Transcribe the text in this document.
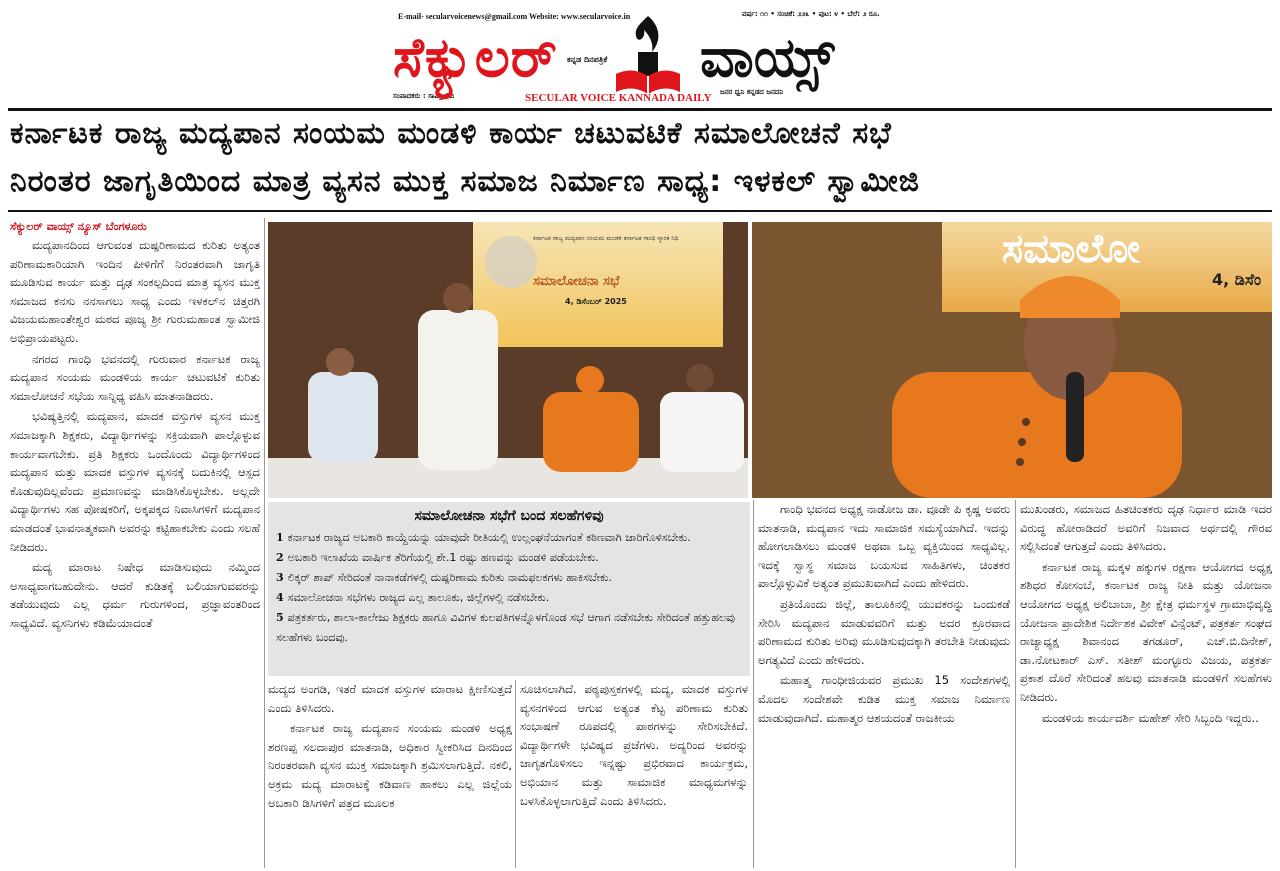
E-mail- secularvoicenews@gmail.com Website: www.secularvoice.in	ವರ್ಷ: ೧೧ • ಸಂಚಿಕೆ: ೨೨೩ • ಪುಟ: ೪ • ಬೆಲೆ: ೨ ರೂ.
ಸಂಪಾದಕರು : ಸಾವಿತ್ರಿದೇವಿ
ಸೆಕ್ಯುಲರ್ ಕನ್ನಡ ದಿನಪತ್ರಿಕೆ ವಾಯ್ಸ್
SECULAR VOICE KANNADA DAILY ಜನರ ಧ್ವನಿ ಕನ್ನಡದ ಜನದನಿ
ಕರ್ನಾಟಕ ರಾಜ್ಯ ಮದ್ಯಪಾನ ಸಂಯಮ ಮಂಡಳಿ ಕಾರ್ಯ ಚಟುವಟಿಕೆ ಸಮಾಲೋಚನೆ ಸಭೆ
ನಿರಂತರ ಜಾಗೃತಿಯಿಂದ ಮಾತ್ರ ವ್ಯಸನ ಮುಕ್ತ ಸಮಾಜ ನಿರ್ಮಾಣ ಸಾಧ್ಯ: ಇಳಕಲ್ ಸ್ವಾಮೀಜಿ
ಸೆಕ್ಯುಲರ್ ವಾಯ್ಸ್ ನ್ಯೂಸ್ ಬೆಂಗಳೂರು

ಮದ್ಯಪಾನದಿಂದ ಆಗುವಂತ ದುಷ್ಪರಿಣಾಮದ ಕುರಿತು ಅತ್ಯಂತ ಪರಿಣಾಮಕಾರಿಯಾಗಿ ಇಂದಿನ ಪೀಳಿಗೆಗೆ ನಿರಂತರವಾಗಿ ಜಾಗೃತಿ ಮೂಡಿಸುವ ಕಾರ್ಯ ಮತ್ತು ದೃಢ ಸಂಕಲ್ಪದಿಂದ ಮಾತ್ರ ವ್ಯಸನ ಮುಕ್ತ ಸಮಾಜದ ಕನಸು ನನಸಾಗಲು ಸಾಧ್ಯ ಎಂದು ಇಳಕಲ್‌ನ ಚಿತ್ತರಗಿ ವಿಜಯಮಹಾಂತೇಶ್ವರ ಮಠದ ಪೂಜ್ಯ ಶ್ರೀ ಗುರುಮಹಾಂತ ಸ್ವಾಮೀಜಿ ಅಭಿಪ್ರಾಯಪಟ್ಟರು.

ನಗರದ ಗಾಂಧಿ ಭವನದಲ್ಲಿ ಗುರುವಾರ ಕರ್ನಾಟಕ ರಾಜ್ಯ ಮದ್ಯಪಾನ ಸಂಯಮ ಮಂಡಳಿಯ ಕಾರ್ಯ ಚಟುವಟಿಕೆ ಕುರಿತು ಸಮಾಲೋಚನೆ ಸಭೆಯ ಸಾನ್ನಿಧ್ಯ ವಹಿಸಿ ಮಾತನಾಡಿದರು.

ಭವಿಷ್ಯತ್ತಿನಲ್ಲಿ ಮದ್ಯಪಾನ, ಮಾದಕ ವಸ್ತುಗಳ ವ್ಯಸನ ಮುಕ್ತ ಸಮಾಜಕ್ಕಾಗಿ ಶಿಕ್ಷಕರು, ವಿದ್ಯಾರ್ಥಿಗಳನ್ನು ಸಕ್ರಿಯವಾಗಿ ಪಾಲ್ಗೊಳ್ಳುವ ಕಾರ್ಯವಾಗಬೇಕು. ಪ್ರತಿ ಶಿಕ್ಷಕರು ಒಂದೊಂದು ವಿದ್ಯಾರ್ಥಿಗಳಿಂದ ಮದ್ಯಪಾನ ಮತ್ತು ಮಾದಕ ವಸ್ತುಗಳ ವ್ಯಸನಕ್ಕೆ ಬದುಕಿನಲ್ಲಿ ಆಸ್ಪದ ಕೊಡುವುದಿಲ್ಲವೆಂದು ಪ್ರಮಾಣವನ್ನು ಮಾಡಿಸಿಕೊಳ್ಳಬೇಕು. ಅಲ್ಲದೇ ವಿದ್ಯಾರ್ಥಿಗಳು ಸಹ ಪೋಷಕರಿಗೆ, ಅಕ್ಕಪಕ್ಕದ ನಿವಾಸಿಗಳಿಗೆ ಮದ್ಯಪಾನ ಮಾಡದಂತೆ ಭಾವನಾತ್ಮಕವಾಗಿ ಅವರನ್ನು ಕಟ್ಟಿಹಾಕಬೇಕು ಎಂದು ಸಲಹೆ ನೀಡಿದರು.

ಮದ್ಯ ಮಾರಾಟ ನಿಷೇಧ ಮಾಡಿಸುವುದು ನಮ್ಮಿಂದ ಅಸಾಧ್ಯವಾಗಬಹುದೇನು. ಆದರೆ ಕುಡಿತಕ್ಕೆ ಬಲಿಯಾಗುವವರನ್ನು ತಡೆಯುವುದು ಎಲ್ಲ ಧರ್ಮ ಗುರುಗಳಿಂದ, ಪ್ರಜ್ಞಾವಂತರಿಂದ ಸಾಧ್ಯವಿದೆ. ವ್ಯಸನಿಗಳು ಕಡಿಮೆಯಾದಂತೆ

ಕರ್ನಾಟಕ ರಾಜ್ಯ ಮದ್ಯಪಾನ ಸಂಯಮ ಮಂಡಳಿ ಕರ್ನಾಟಕ ಗಾಂಧಿ ಸ್ಮಾರಕ ನಿಧಿ
ಸಮಾಲೋಚನಾ ಸಭೆ
4, ಡಿಸೆಂಬರ್ 2025
ಸಮಾಲೋ
4, ಡಿಸೆಂ
ಸಮಾಲೋಚನಾ ಸಭೆಗೆ ಬಂದ ಸಲಹೆಗಳಿವು
1 ಕರ್ನಾಟಕ ರಾಜ್ಯದ ಅಬಕಾರಿ ಕಾಯ್ದೆಯನ್ನು ಯಾವುದೇ ರೀತಿಯಲ್ಲಿ ಉಲ್ಲಂಘನೆಯಾಗಂತೆ ಕಠಿಣವಾಗಿ ಜಾರಿಗೊಳಿಸಬೇಕು.
2 ಅಬಕಾರಿ ಇಲಾಖೆಯ ವಾರ್ಷಿಕ ತೆರಿಗೆಯಲ್ಲಿ ಶೇ.1 ರಷ್ಟು ಹಣವನ್ನು ಮಂಡಳಿ ಪಡೆಯಬೇಕು.
3 ಲಿಕ್ಕರ್ ಶಾಪ್ ಸೇರಿದಂತೆ ನಾನಾಕಡೆಗಳಲ್ಲಿ ದುಷ್ಪರಿಣಾಮ ಕುರಿತು ನಾಮಫಲಕಗಳು ಹಾಕಿಸಬೇಕು.
4 ಸಮಾಲೋಚನಾ ಸಭೆಗಳು ರಾಜ್ಯದ ಎಲ್ಲ ತಾಲೂಕು, ಜಿಲ್ಲೆಗಳಲ್ಲಿ ನಡೆಸಬೇಕು.
5 ಪತ್ರಕರ್ತರು, ಶಾಲಾ-ಕಾಲೇಜು ಶಿಕ್ಷಕರು ಹಾಗೂ ವಿವಿಗಳ ಕುಲಪತಿಗಳನ್ನೊಳಗೊಂಡ ಸಭೆ ಆಗಾಗ ನಡೆಸಬೇಕು ಸೇರಿದಂತೆ ಹತ್ತುಹಲವು ಸಲಹೆಗಳು ಬಂದವು.

ಮದ್ಯದ ಅಂಗಡಿ, ಇತರೆ ಮಾದಕ ವಸ್ತುಗಳ ಮಾರಾಟ ಕ್ಷೀಣಿಸುತ್ತದೆ ಎಂದು ತಿಳಿಸಿದರು.

ಕರ್ನಾಟಕ ರಾಜ್ಯ ಮದ್ಯಪಾನ ಸಂಯಮ ಮಂಡಳಿ ಅಧ್ಯಕ್ಷ ಶರಣಪ್ಪ ಸಲದಾಪುರ ಮಾತನಾಡಿ, ಅಧಿಕಾರ ಸ್ವೀಕರಿಸಿದ ದಿನದಿಂದ ನಿರಂತರವಾಗಿ ವ್ಯಸನ ಮುಕ್ತ ಸಮಾಜಕ್ಕಾಗಿ ಶ್ರಮಿಸಲಾಗುತ್ತಿದೆ. ನಕಲಿ, ಅಕ್ರಮ ಮದ್ಯ ಮಾರಾಟಕ್ಕೆ ಕಡಿವಾಣ ಹಾಕಲು ಎಲ್ಲ ಜಿಲ್ಲೆಯ ಅಬಕಾರಿ ಡಿಸಿಗಳಿಗೆ ಪತ್ರದ ಮೂಲಕ

ಸೂಚಿಸಲಾಗಿದೆ. ಪಠ್ಯಪುಸ್ತಕಗಳಲ್ಲಿ ಮದ್ಯ, ಮಾದಕ ವಸ್ತುಗಳ ವ್ಯಸನಗಳಿಂದ ಆಗುವ ಅತ್ಯಂತ ಕೆಟ್ಟ ಪರಿಣಾಮ ಕುರಿತು ಸಂಭಾಷಣೆ ರೂಪದಲ್ಲಿ ಪಾಠಗಳನ್ನು ಸೇರಿಸಬೇಕಿದೆ. ವಿದ್ಯಾರ್ಥಿಗಳೇ ಭವಿಷ್ಯದ ಪ್ರಜೆಗಳು. ಅದ್ಯರಿಂದ ಅವರನ್ನು ಜಾಗೃತಗೊಳಿಸಲು ಇನ್ನಷ್ಟು ಪ್ರಭಿರವಾದ ಕಾರ್ಯಕ್ರಮ, ಅಭಿಯಾನ ಮತ್ತು ಸಾಮಾಜಿಕ ಮಾಧ್ಯಮಗಳನ್ನು ಬಳಸಿಕೊಳ್ಳಲಾಗುತ್ತಿದೆ ಎಂದು ತಿಳಿಸಿದರು.

ಗಾಂಧಿ ಭವನದ ಅಧ್ಯಕ್ಷ ನಾಡೋಜ ಡಾ. ವೂಡೇ ಪಿ ಕೃಷ್ಣ ಅವರು ಮಾತನಾಡಿ, ಮದ್ಯಪಾನ ಇದು ಸಾಮಾಜಿಕ ಸಮಸ್ಯೆಯಾಗಿದೆ. ಇದನ್ನು ಹೋಗಲಾಡಿಸಲು ಮಂಡಳಿ ಅಥವಾ ಒಬ್ಬ ವ್ಯಕ್ತಿಯಿಂದ ಸಾಧ್ಯವಿಲ್ಲ. ಇದಕ್ಕೆ ಸ್ವಾಸ್ಥ ಸಮಾಜ ಬಯಸುವ ಸಾಹಿತಿಗಳು, ಚಿಂತಕರ ಪಾಲ್ಗೊಳ್ಳುವಿಕೆ ಅತ್ಯಂತ ಪ್ರಮುಖವಾಗಿದೆ ಎಂದು ಹೇಳಿದರು.

ಪ್ರತಿಯೊಂದು ಜಿಲ್ಲೆ, ತಾಲೂಕಿನಲ್ಲಿ ಯುವಕರನ್ನು ಒಂದುಕಡೆ ಸೇರಿಸಿ ಮದ್ಯಪಾನ ಮಾಡುವವರಿಗೆ ಮತ್ತು ಅದರ ಕ್ರೂರವಾದ ಪರಿಣಾಮದ ಕುರಿತು ಅರಿವು ಮೂಡಿಸುವುದಕ್ಕಾಗಿ ತರಬೇತಿ ನೀಡುವುದು ಅಗತ್ಯವಿದೆ ಎಂದು ಹೇಳಿದರು.

ಮಹಾತ್ಮ ಗಾಂಧೀಜಿಯವರ ಪ್ರಮುಖ 15 ಸಂದೇಶಗಳಲ್ಲಿ ಮೊದಲ ಸಂದೇಶವೇ ಕುಡಿತ ಮುಕ್ತ ಸಮಾಜ ನಿರ್ಮಾಣ ಮಾಡುವುದಾಗಿದೆ. ಮಹಾತ್ಮರ ಆಶಯದಂತೆ ರಾಜಕೀಯ

ಮುಖಂಡರು, ಸಮಾಜದ ಹಿತಚಿಂತಕರು ದೃಢ ನಿರ್ಧಾರ ಮಾಡಿ ಇದರ ವಿರುದ್ಧ ಹೋರಾಡಿದರೆ ಅವರಿಗೆ ನಿಜವಾದ ಅರ್ಥದಲ್ಲಿ ಗೌರವ ಸಲ್ಲಿಸಿದಂತೆ ಆಗುತ್ತದೆ ಎಂದು ತಿಳಿಸಿದರು.

ಕರ್ನಾಟಕ ರಾಜ್ಯ ಮಕ್ಕಳ ಹಕ್ಕುಗಳ ರಕ್ಷಣಾ ಆಯೋಗದ ಅಧ್ಯಕ್ಷ ಶಶಿಧರ ಕೋಸಂಬೆ, ಕರ್ನಾಟಕ ರಾಜ್ಯ ನೀತಿ ಮತ್ತು ಯೋಜನಾ ಆಯೋಗದ ಅಧ್ಯಕ್ಷ ಅಲಿಬಾಬಾ, ಶ್ರೀ ಕ್ಷೇತ್ರ ಧರ್ಮಸ್ಥಳ ಗ್ರಾಮಾಭಿವೃದ್ಧಿ ಯೋಜನಾ ಪ್ರಾದೇಶಿಕ ನಿರ್ದೇಶಕ ವಿವೇಕ್ ವಿನ್ಸೆಂಟ್, ಪತ್ರಕರ್ತ ಸಂಘದ ರಾಜ್ಯಾಧ್ಯಕ್ಷ ಶಿವಾನಂದ ತಗಡೂರ್, ಎಚ್.ಬಿ.ದಿನೇಶ್, ಡಾ.ನೋಟಕಾರ್ ಎಸ್. ಸತೀಶ್ ಮಂಗ್ಳೂರು ವಿಜಯ, ಪತ್ರಕರ್ತ ಪ್ರಕಾಶ ದೊರೆ ಸೇರಿದಂತೆ ಹಲವು ಮಾತನಾಡಿ ಮಂಡಳಿಗೆ ಸಲಹೆಗಳು ನೀಡಿದರು.

ಮಂಡಳಿಯ ಕಾರ್ಯದರ್ಶಿ ಮಹೇಶ್ ಸೇರಿ ಸಿಬ್ಬಂದಿ ಇದ್ದರು..
